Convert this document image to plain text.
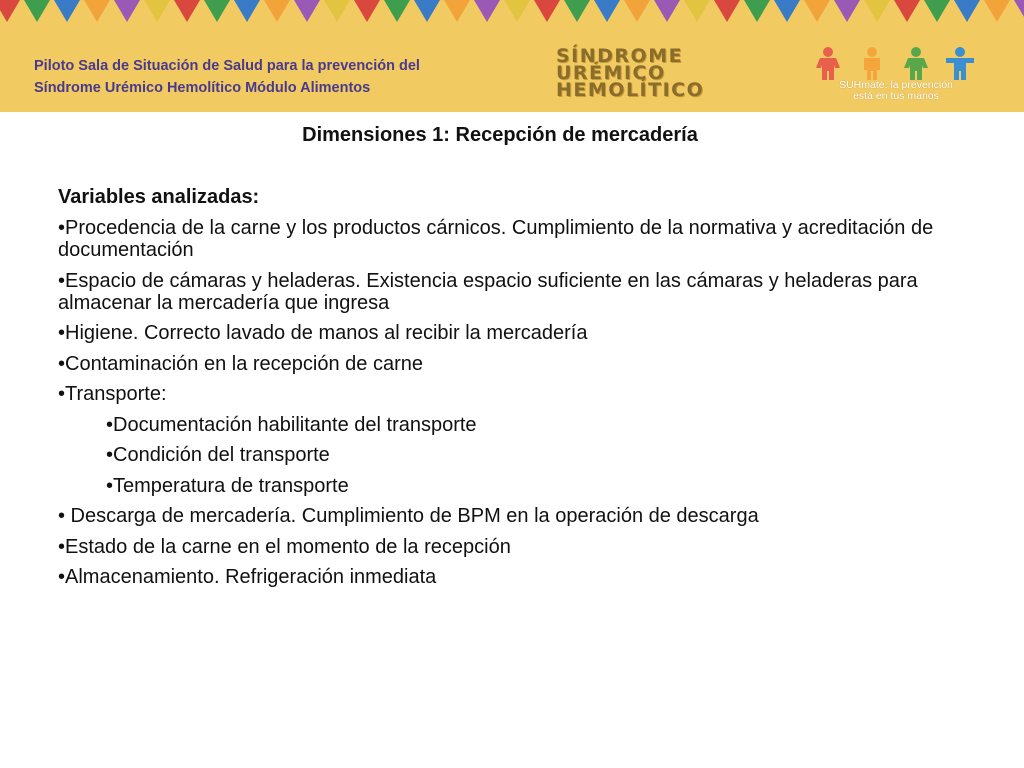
Piloto Sala de Situación de Salud para la prevención del
Síndrome Urémico Hemolítico Módulo Alimentos
SÍNDROME
URÉMICO
HEMOLÍTICO	SUHmate: la prevención
está en tus manos
Dimensiones 1: Recepción de mercadería
Variables analizadas:
•Procedencia de la carne y los productos cárnicos. Cumplimiento de la normativa y acreditación de documentación
•Espacio de cámaras y heladeras. Existencia espacio suficiente en las cámaras y heladeras para almacenar la mercadería que ingresa
•Higiene. Correcto lavado de manos al recibir la mercadería
•Contaminación en la recepción de carne
•Transporte:
•Documentación habilitante del transporte
•Condición del transporte
•Temperatura de transporte
• Descarga de mercadería. Cumplimiento de BPM en la operación de descarga
•Estado de la carne en el momento de la recepción
•Almacenamiento. Refrigeración inmediata
